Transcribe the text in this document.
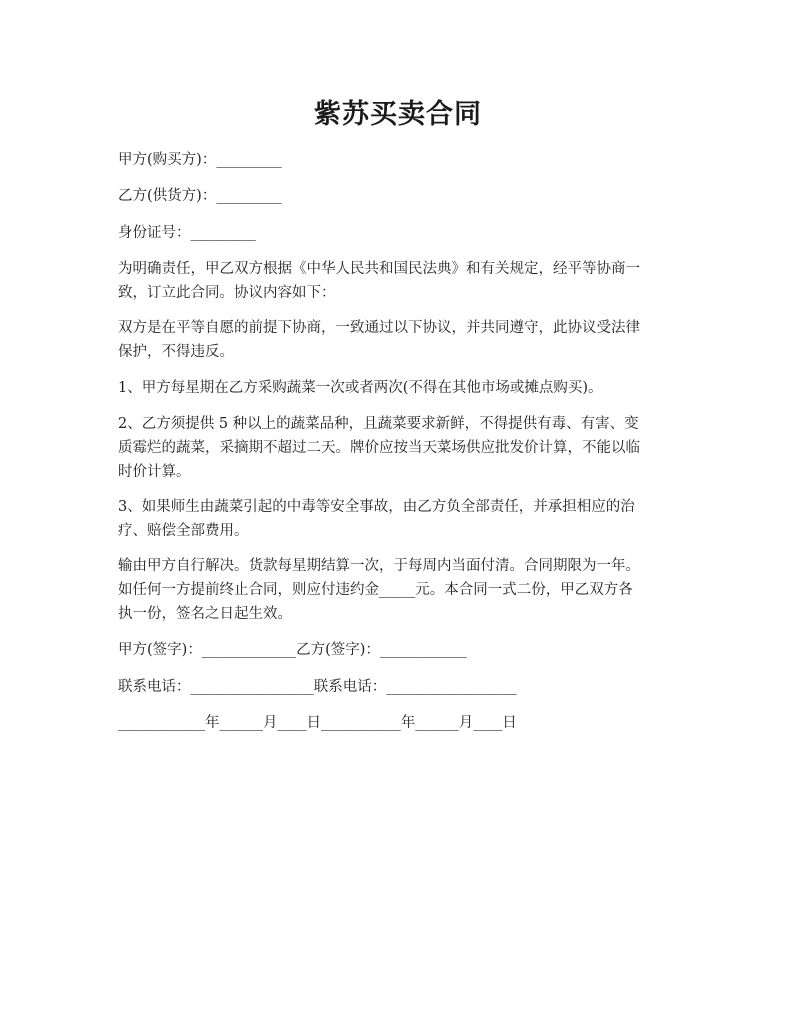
紫苏买卖合同
甲方(购买方)：_________
乙方(供货方)：_________
身份证号：_________
为明确责任，甲乙双方根据《中华人民共和国民法典》和有关规定，经平等协商一
致，订立此合同。协议内容如下：
双方是在平等自愿的前提下协商，一致通过以下协议，并共同遵守，此协议受法律
保护，不得违反。
1、甲方每星期在乙方采购蔬菜一次或者两次(不得在其他市场或摊点购买)。
2、乙方须提供 5 种以上的蔬菜品种，且蔬菜要求新鲜，不得提供有毒、有害、变
质霉烂的蔬菜，采摘期不超过二天。牌价应按当天菜场供应批发价计算，不能以临
时价计算。
3、如果师生由蔬菜引起的中毒等安全事故，由乙方负全部责任，并承担相应的治
疗、赔偿全部费用。
输由甲方自行解决。货款每星期结算一次，于每周内当面付清。合同期限为一年。
如任何一方提前终止合同，则应付违约金_____元。本合同一式二份，甲乙双方各
执一份，签名之日起生效。
甲方(签字)：_____________乙方(签字)：____________
联系电话：_________________联系电话：__________________
____________年______月____日___________年______月____日
